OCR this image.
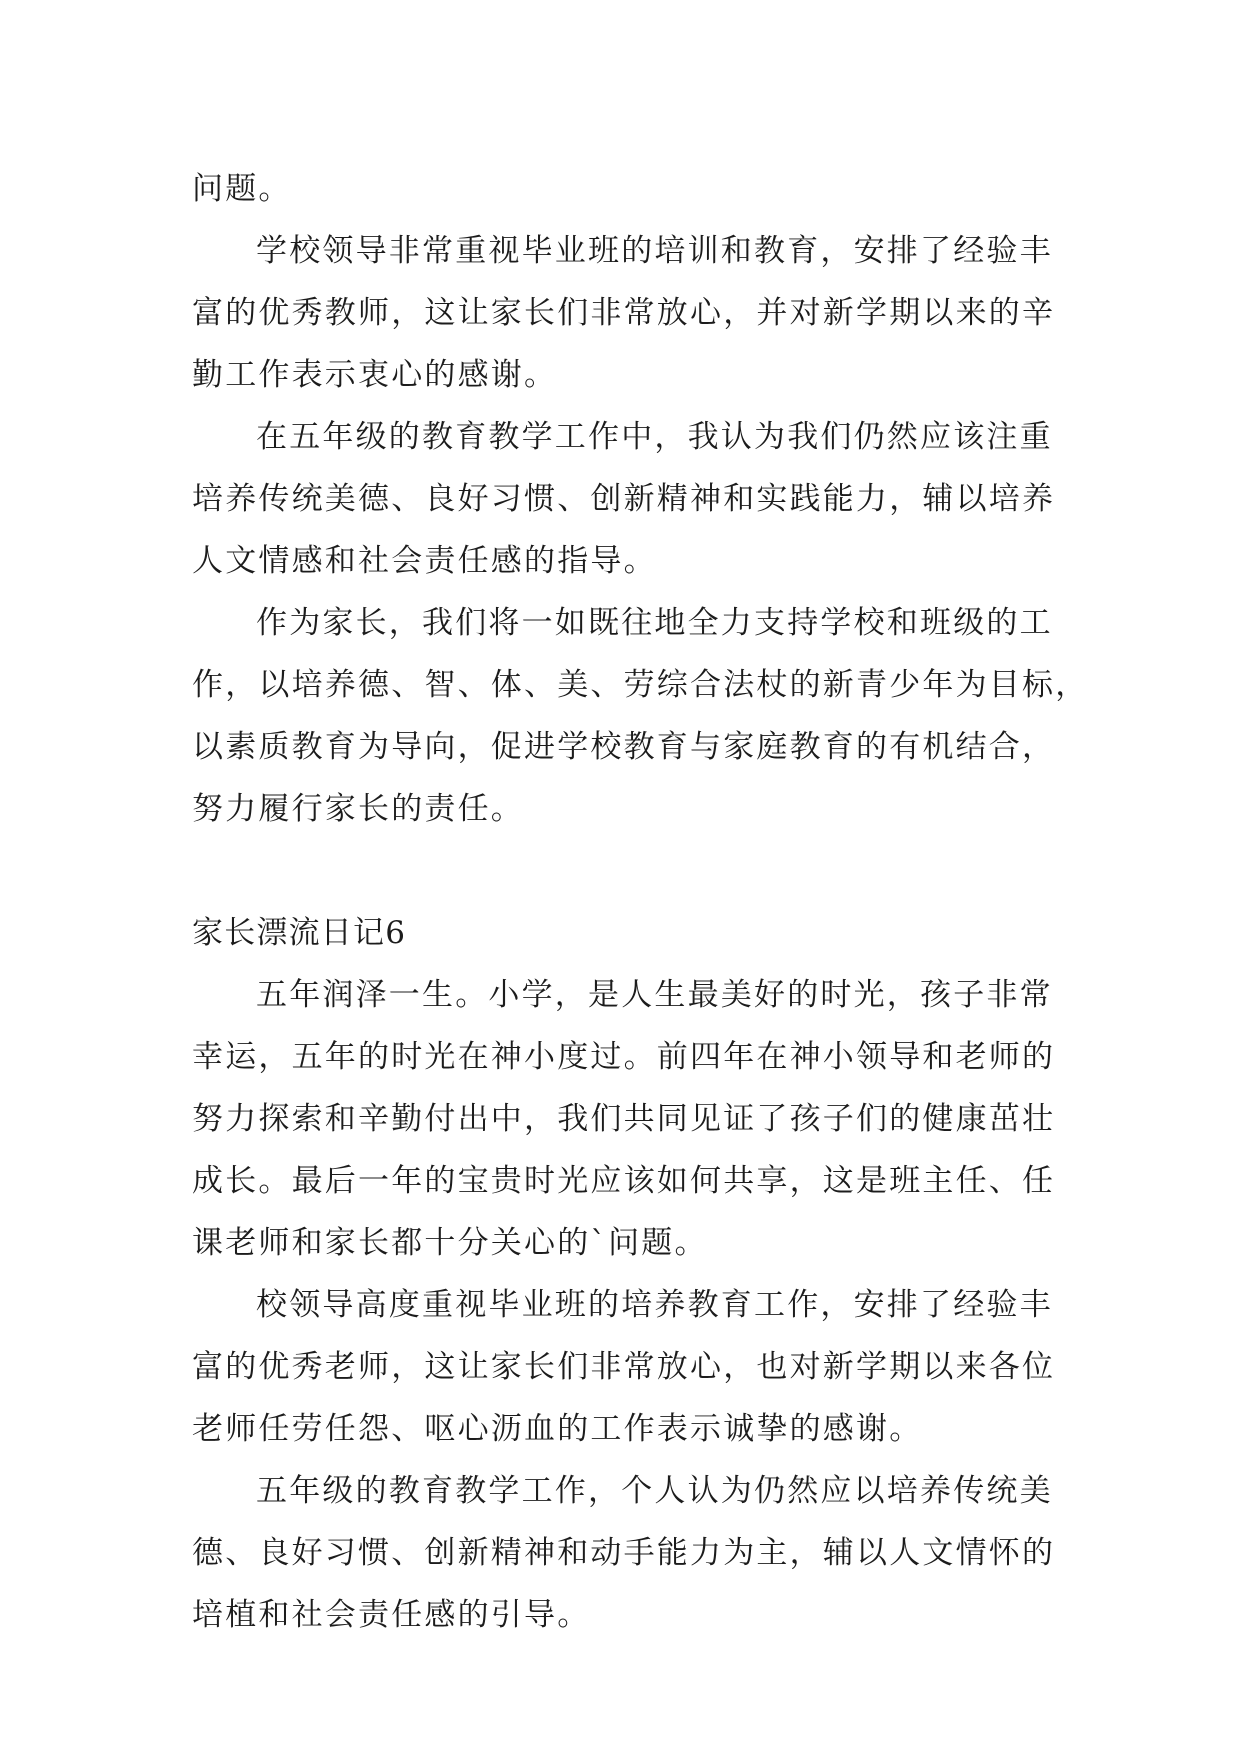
问题。
学校领导非常重视毕业班的培训和教育，安排了经验丰
富的优秀教师，这让家长们非常放心，并对新学期以来的辛
勤工作表示衷心的感谢。
在五年级的教育教学工作中，我认为我们仍然应该注重
培养传统美德、良好习惯、创新精神和实践能力，辅以培养
人文情感和社会责任感的指导。
作为家长，我们将一如既往地全力支持学校和班级的工
作，以培养德、智、体、美、劳综合法杖的新青少年为目标，
以素质教育为导向，促进学校教育与家庭教育的有机结合，
努力履行家长的责任。
家长漂流日记6
五年润泽一生。小学，是人生最美好的时光，孩子非常
幸运，五年的时光在神小度过。前四年在神小领导和老师的
努力探索和辛勤付出中，我们共同见证了孩子们的健康茁壮
成长。最后一年的宝贵时光应该如何共享，这是班主任、任
课老师和家长都十分关心的`问题。
校领导高度重视毕业班的培养教育工作，安排了经验丰
富的优秀老师，这让家长们非常放心，也对新学期以来各位
老师任劳任怨、呕心沥血的工作表示诚挚的感谢。
五年级的教育教学工作，个人认为仍然应以培养传统美
德、良好习惯、创新精神和动手能力为主，辅以人文情怀的
培植和社会责任感的引导。
